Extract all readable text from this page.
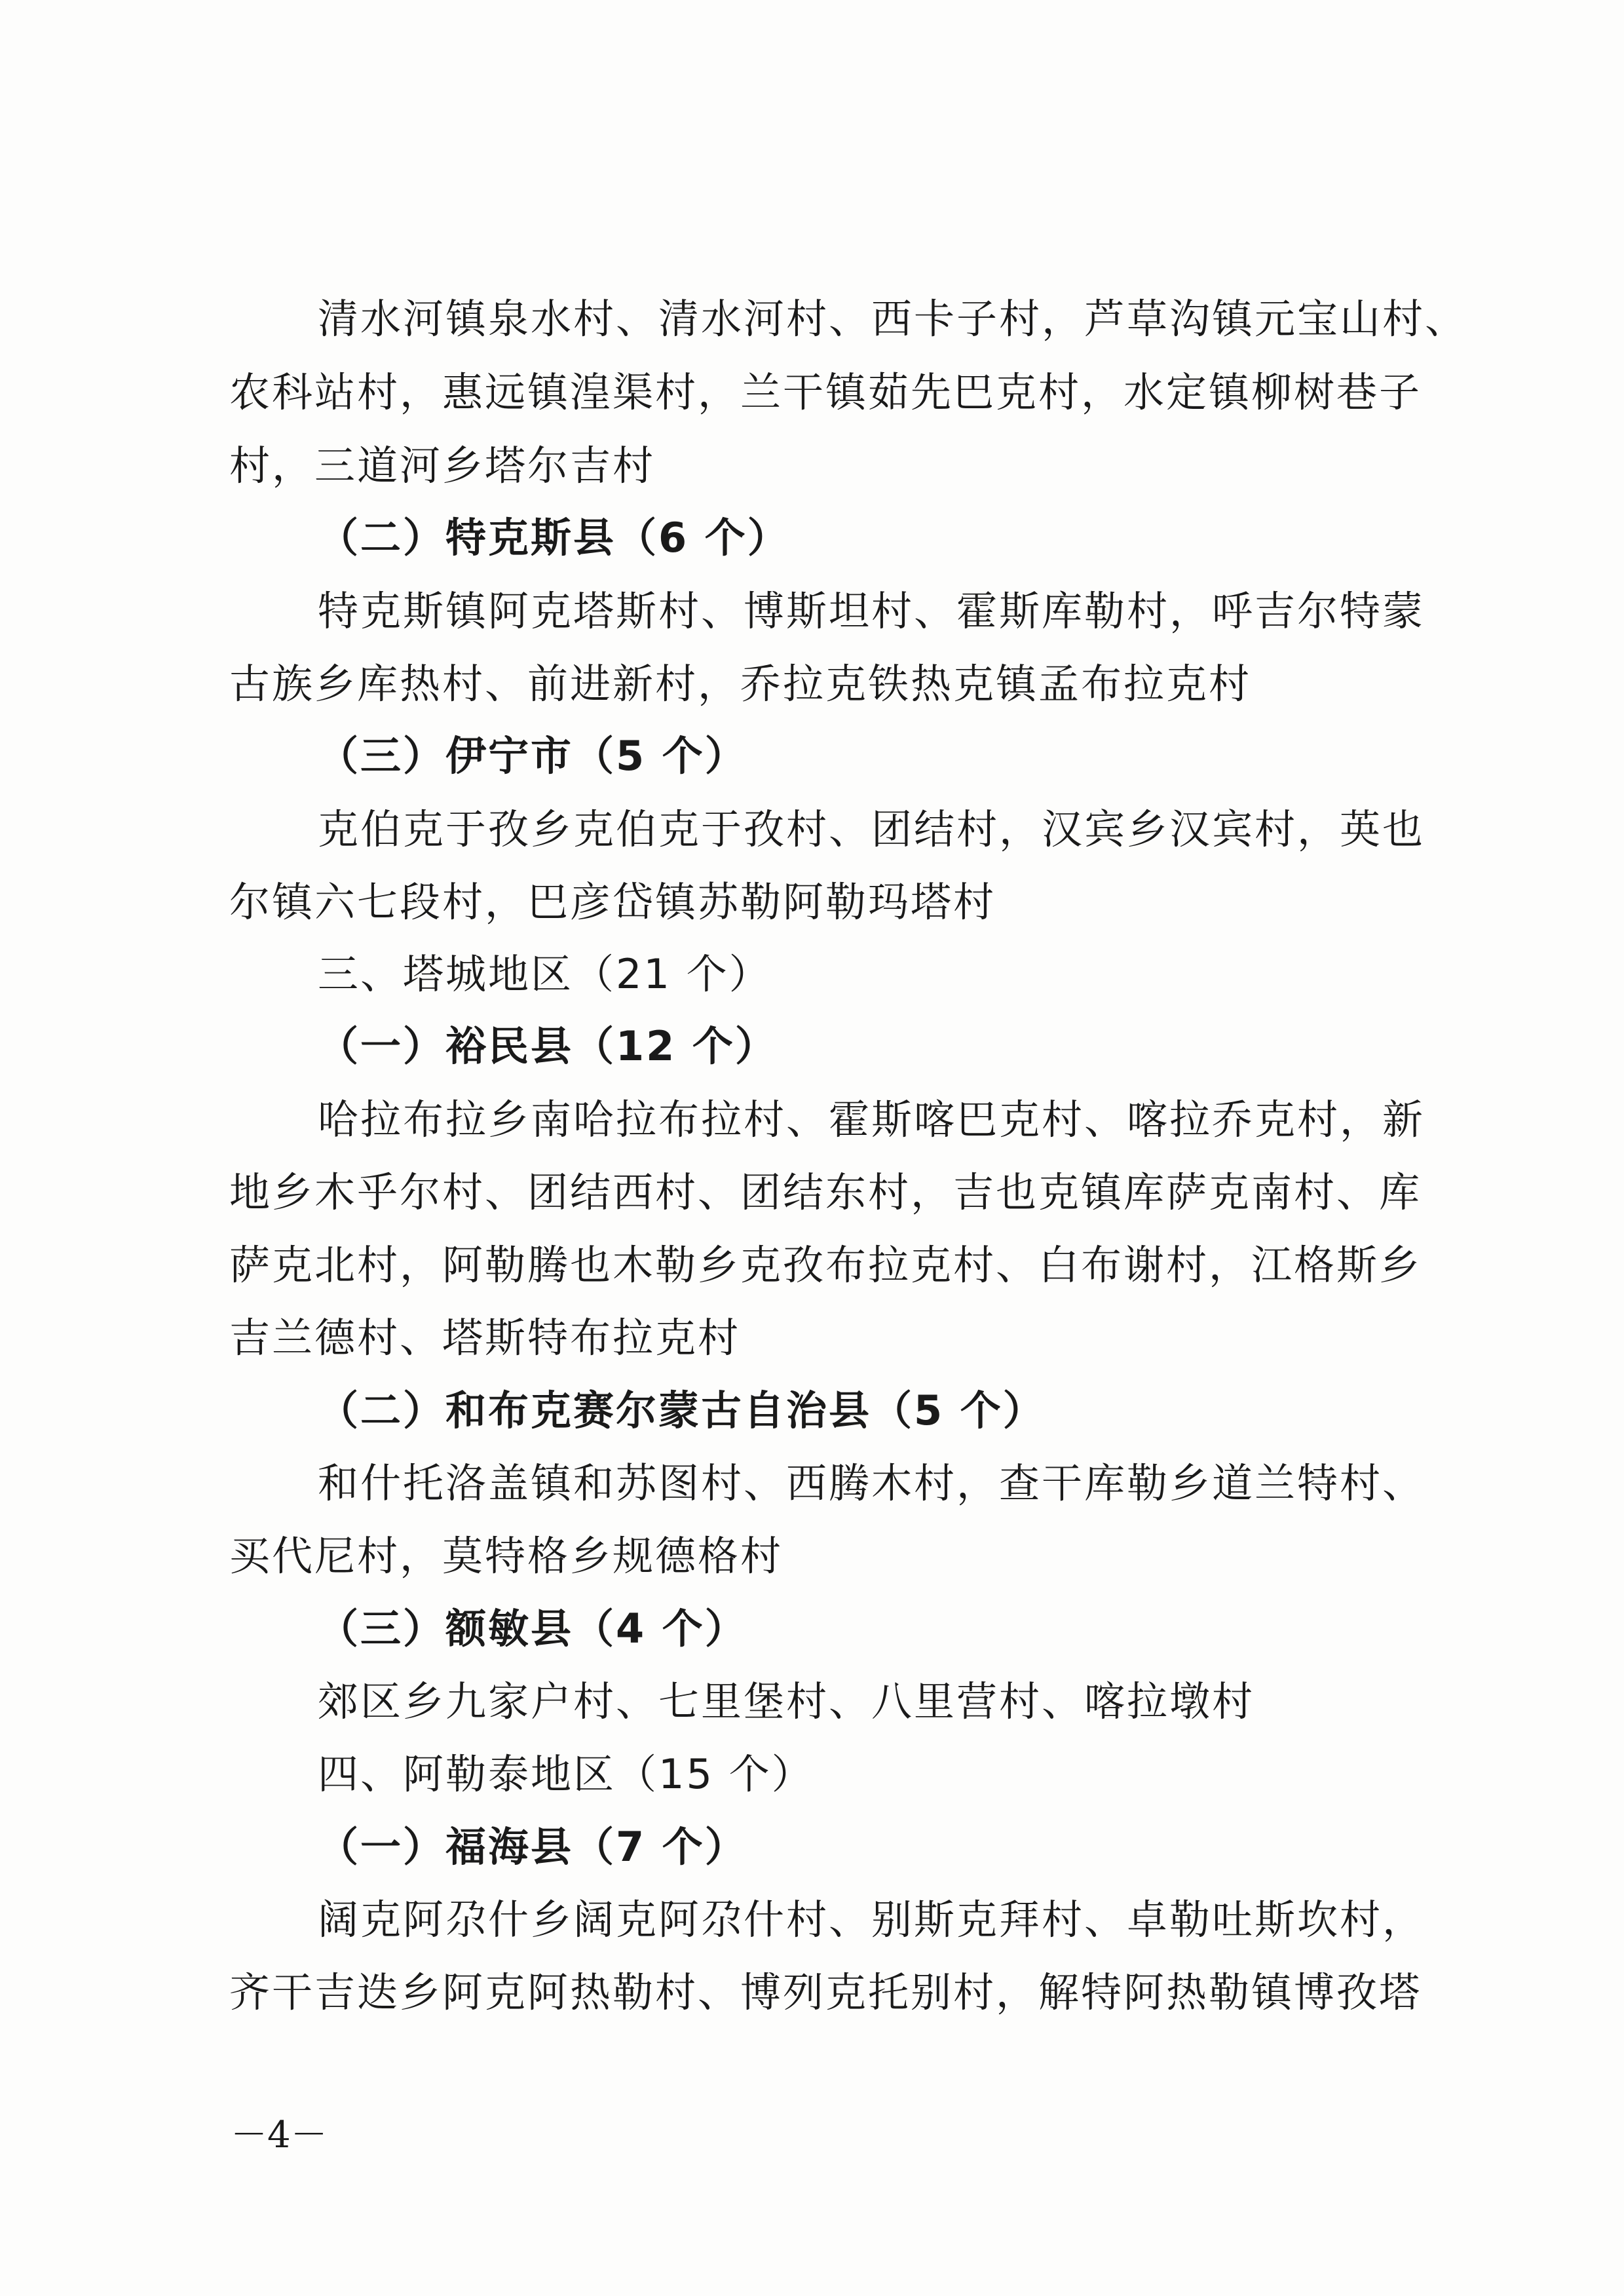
清水河镇泉水村、清水河村、西卡子村，芦草沟镇元宝山村、
农科站村，惠远镇湟渠村，兰干镇茹先巴克村，水定镇柳树巷子
村，三道河乡塔尔吉村
（二）特克斯县（6 个）
特克斯镇阿克塔斯村、博斯坦村、霍斯库勒村，呼吉尔特蒙
古族乡库热村、前进新村，乔拉克铁热克镇孟布拉克村
（三）伊宁市（5 个）
克伯克于孜乡克伯克于孜村、团结村，汉宾乡汉宾村，英也
尔镇六七段村，巴彦岱镇苏勒阿勒玛塔村
三、塔城地区（21 个）
（一）裕民县（12 个）
哈拉布拉乡南哈拉布拉村、霍斯喀巴克村、喀拉乔克村，新
地乡木乎尔村、团结西村、团结东村，吉也克镇库萨克南村、库
萨克北村，阿勒腾也木勒乡克孜布拉克村、白布谢村，江格斯乡
吉兰德村、塔斯特布拉克村
（二）和布克赛尔蒙古自治县（5 个）
和什托洛盖镇和苏图村、西腾木村，查干库勒乡道兰特村、
买代尼村，莫特格乡规德格村
（三）额敏县（4 个）
郊区乡九家户村、七里堡村、八里营村、喀拉墩村
四、阿勒泰地区（15 个）
（一）福海县（7 个）
阔克阿尕什乡阔克阿尕什村、别斯克拜村、卓勒吐斯坎村，
齐干吉迭乡阿克阿热勒村、博列克托别村，解特阿热勒镇博孜塔
－4－
